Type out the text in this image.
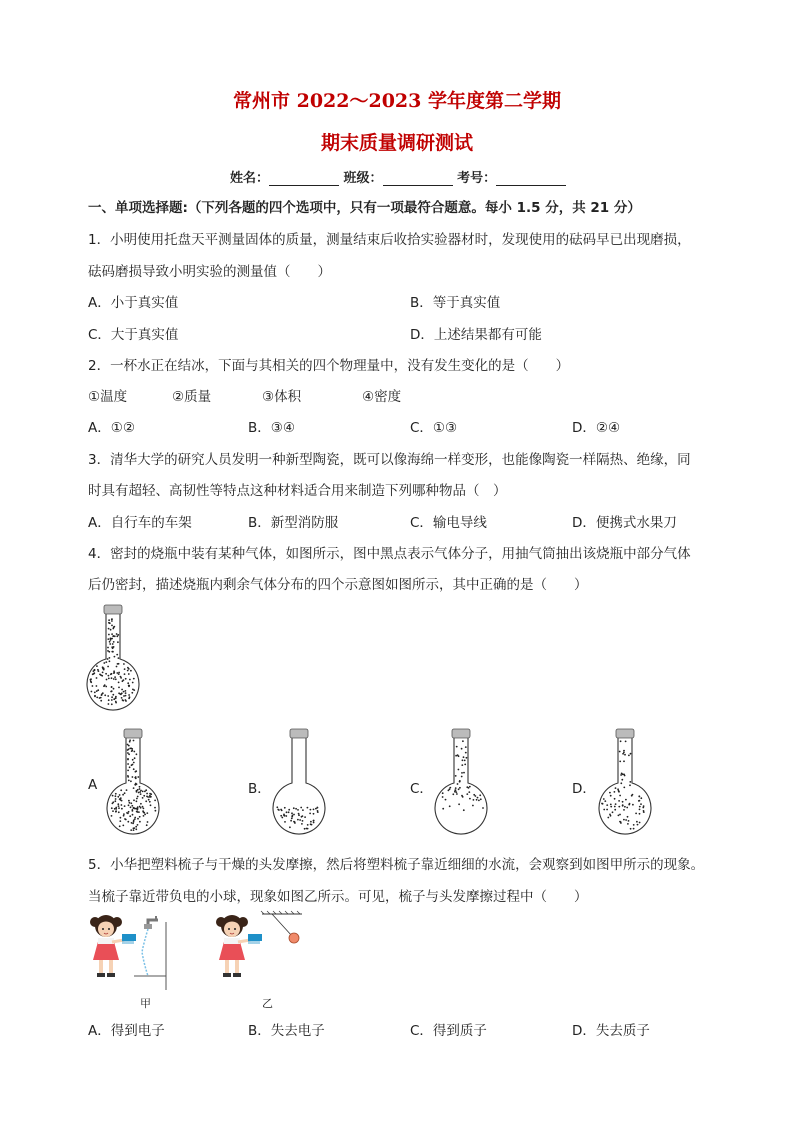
常州市 2022～2023 学年度第二学期
期末质量调研测试
姓名：	班级：	考号：
一、单项选择题:（下列各题的四个选项中，只有一项最符合题意。每小 1.5 分，共 21 分）
1．小明使用托盘天平测量固体的质量，测量结束后收拾实验器材时，发现使用的砝码早已出现磨损，
砝码磨损导致小明实验的测量值（　　）
A．小于真实值	B．等于真实值
C．大于真实值	D．上述结果都有可能
2．一杯水正在结冰，下面与其相关的四个物理量中，没有发生变化的是（　　）
①温度	②质量	③体积	④密度
A．①②	B．③④	C．①③	D．②④
3．清华大学的研究人员发明一种新型陶瓷，既可以像海绵一样变形，也能像陶瓷一样隔热、绝缘，同
时具有超轻、高韧性等特点这种材料适合用来制造下列哪种物品（　）
A．自行车的车架	B．新型消防服	C．输电导线	D．便携式水果刀
4．密封的烧瓶中装有某种气体，如图所示，图中黑点表示气体分子，用抽气筒抽出该烧瓶中部分气体
后仍密封，描述烧瓶内剩余气体分布的四个示意图如图所示，其中正确的是（　　）
A	B．	C．	D．
5．小华把塑料梳子与干燥的头发摩擦，然后将塑料梳子靠近细细的水流，会观察到如图甲所示的现象。
当梳子靠近带负电的小球，现象如图乙所示。可见，梳子与头发摩擦过程中（　　）
甲	乙
A．得到电子	B．失去电子	C．得到质子	D．失去质子
